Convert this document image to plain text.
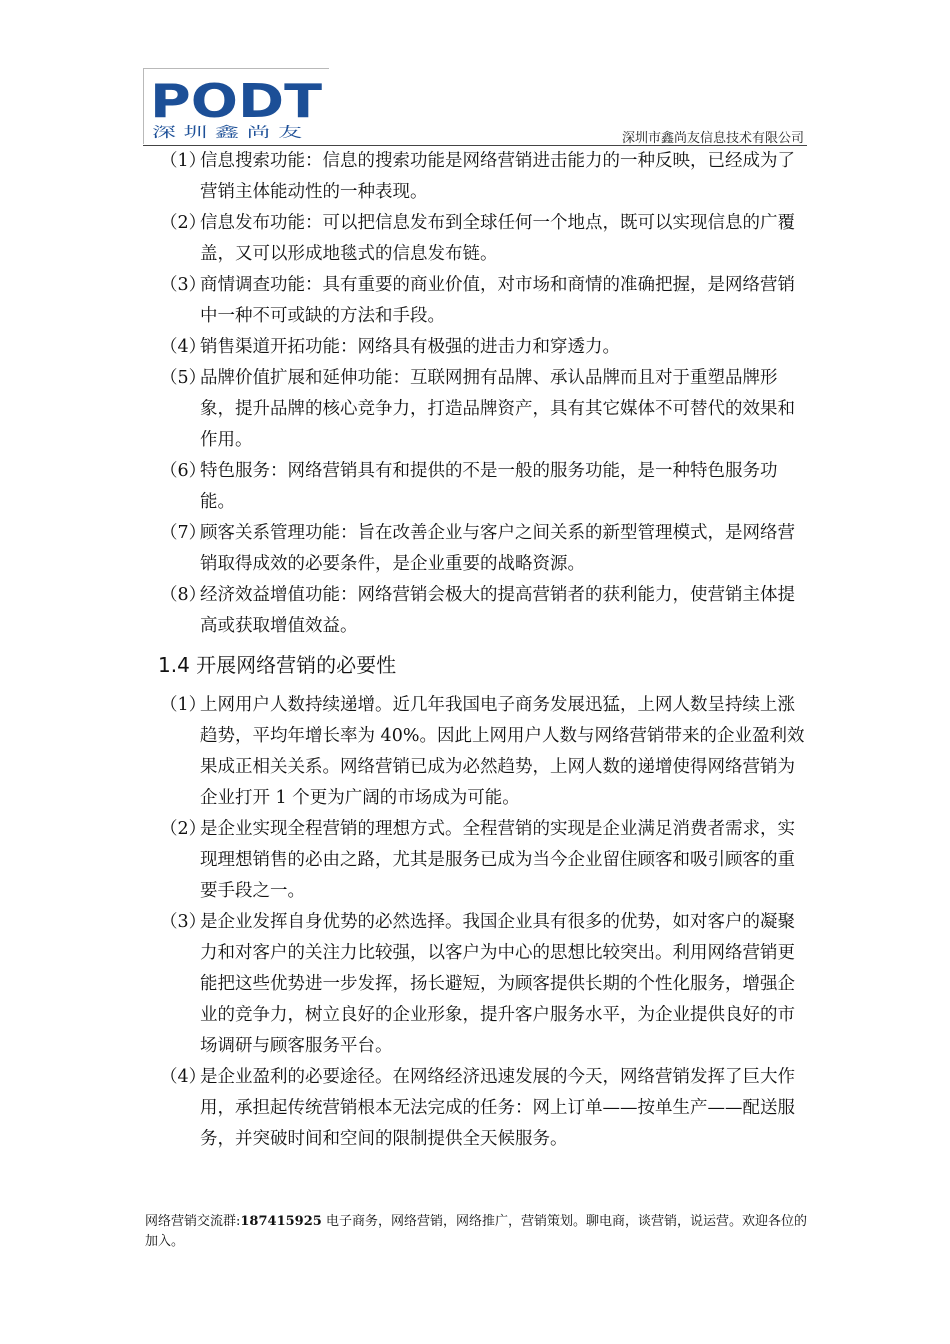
PODT
深 圳 鑫 尚 友	深圳市鑫尚友信息技术有限公司

（1）信息搜索功能：信息的搜索功能是网络营销进击能力的一种反映，已经成为了营销主体能动性的一种表现。

（2）信息发布功能：可以把信息发布到全球任何一个地点，既可以实现信息的广覆盖，又可以形成地毯式的信息发布链。

（3）商情调查功能：具有重要的商业价值，对市场和商情的准确把握，是网络营销中一种不可或缺的方法和手段。

（4）销售渠道开拓功能：网络具有极强的进击力和穿透力。

（5）品牌价值扩展和延伸功能：互联网拥有品牌、承认品牌而且对于重塑品牌形象，提升品牌的核心竞争力，打造品牌资产，具有其它媒体不可替代的效果和作用。

（6）特色服务：网络营销具有和提供的不是一般的服务功能，是一种特色服务功能。

（7）顾客关系管理功能：旨在改善企业与客户之间关系的新型管理模式，是网络营销取得成效的必要条件，是企业重要的战略资源。

（8）经济效益增值功能：网络营销会极大的提高营销者的获利能力，使营销主体提高或获取增值效益。

1.4 开展网络营销的必要性

（1）上网用户人数持续递增。近几年我国电子商务发展迅猛，上网人数呈持续上涨趋势，平均年增长率为 40%。因此上网用户人数与网络营销带来的企业盈利效果成正相关关系。网络营销已成为必然趋势，上网人数的递增使得网络营销为企业打开 1 个更为广阔的市场成为可能。

（2）是企业实现全程营销的理想方式。全程营销的实现是企业满足消费者需求，实现理想销售的必由之路，尤其是服务已成为当今企业留住顾客和吸引顾客的重要手段之一。

（3）是企业发挥自身优势的必然选择。我国企业具有很多的优势，如对客户的凝聚力和对客户的关注力比较强，以客户为中心的思想比较突出。利用网络营销更能把这些优势进一步发挥，扬长避短，为顾客提供长期的个性化服务，增强企业的竞争力，树立良好的企业形象，提升客户服务水平，为企业提供良好的市场调研与顾客服务平台。

（4）是企业盈利的必要途径。在网络经济迅速发展的今天，网络营销发挥了巨大作用，承担起传统营销根本无法完成的任务：网上订单——按单生产——配送服务，并突破时间和空间的限制提供全天候服务。

网络营销交流群:187415925 电子商务，网络营销，网络推广，营销策划。聊电商，谈营销，说运营。欢迎各位的加入。
